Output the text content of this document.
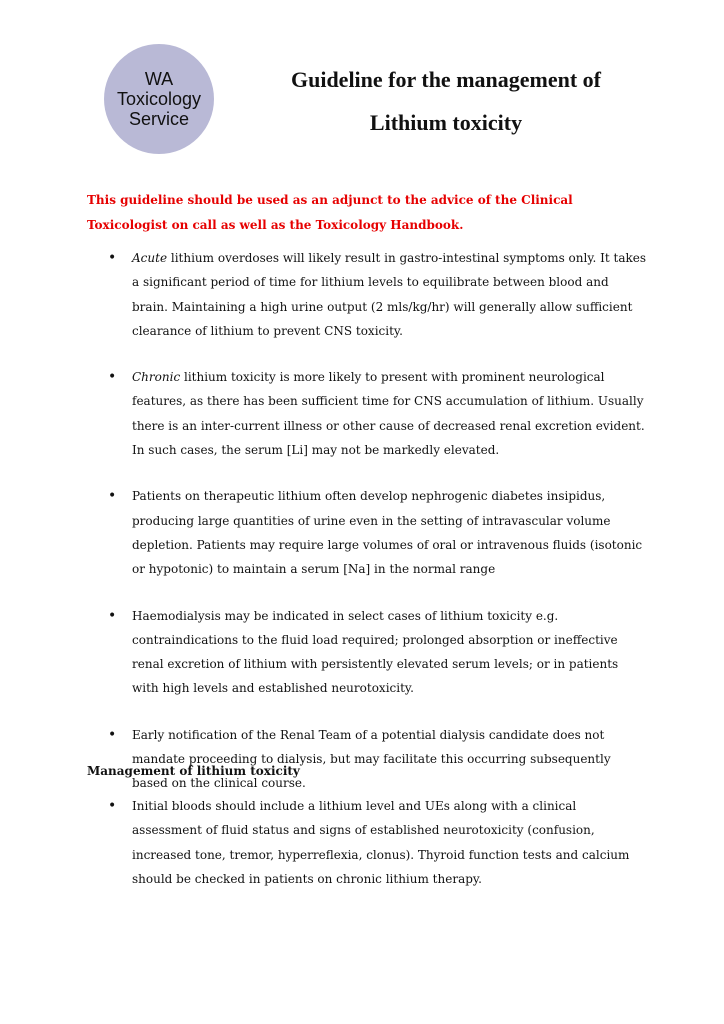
WA
Toxicology
Service
Guideline for the management of
Lithium toxicity

This guideline should be used as an adjunct to the advice of the Clinical Toxicologist on call as well as the Toxicology Handbook.

• Acute lithium overdoses will likely result in gastro-intestinal symptoms only. It takes a significant period of time for lithium levels to equilibrate between blood and brain. Maintaining a high urine output (2 mls/kg/hr) will generally allow sufficient clearance of lithium to prevent CNS toxicity.
• Chronic lithium toxicity is more likely to present with prominent neurological features, as there has been sufficient time for CNS accumulation of lithium. Usually there is an inter-current illness or other cause of decreased renal excretion evident. In such cases, the serum [Li] may not be markedly elevated.
• Patients on therapeutic lithium often develop nephrogenic diabetes insipidus, producing large quantities of urine even in the setting of intravascular volume depletion. Patients may require large volumes of oral or intravenous fluids (isotonic or hypotonic) to maintain a serum [Na] in the normal range
• Haemodialysis may be indicated in select cases of lithium toxicity e.g. contraindications to the fluid load required; prolonged absorption or ineffective renal excretion of lithium with persistently elevated serum levels; or in patients with high levels and established neurotoxicity.
• Early notification of the Renal Team of a potential dialysis candidate does not mandate proceeding to dialysis, but may facilitate this occurring subsequently based on the clinical course.

Management of lithium toxicity

• Initial bloods should include a lithium level and UEs along with a clinical assessment of fluid status and signs of established neurotoxicity (confusion, increased tone, tremor, hyperreflexia, clonus). Thyroid function tests and calcium should be checked in patients on chronic lithium therapy.
